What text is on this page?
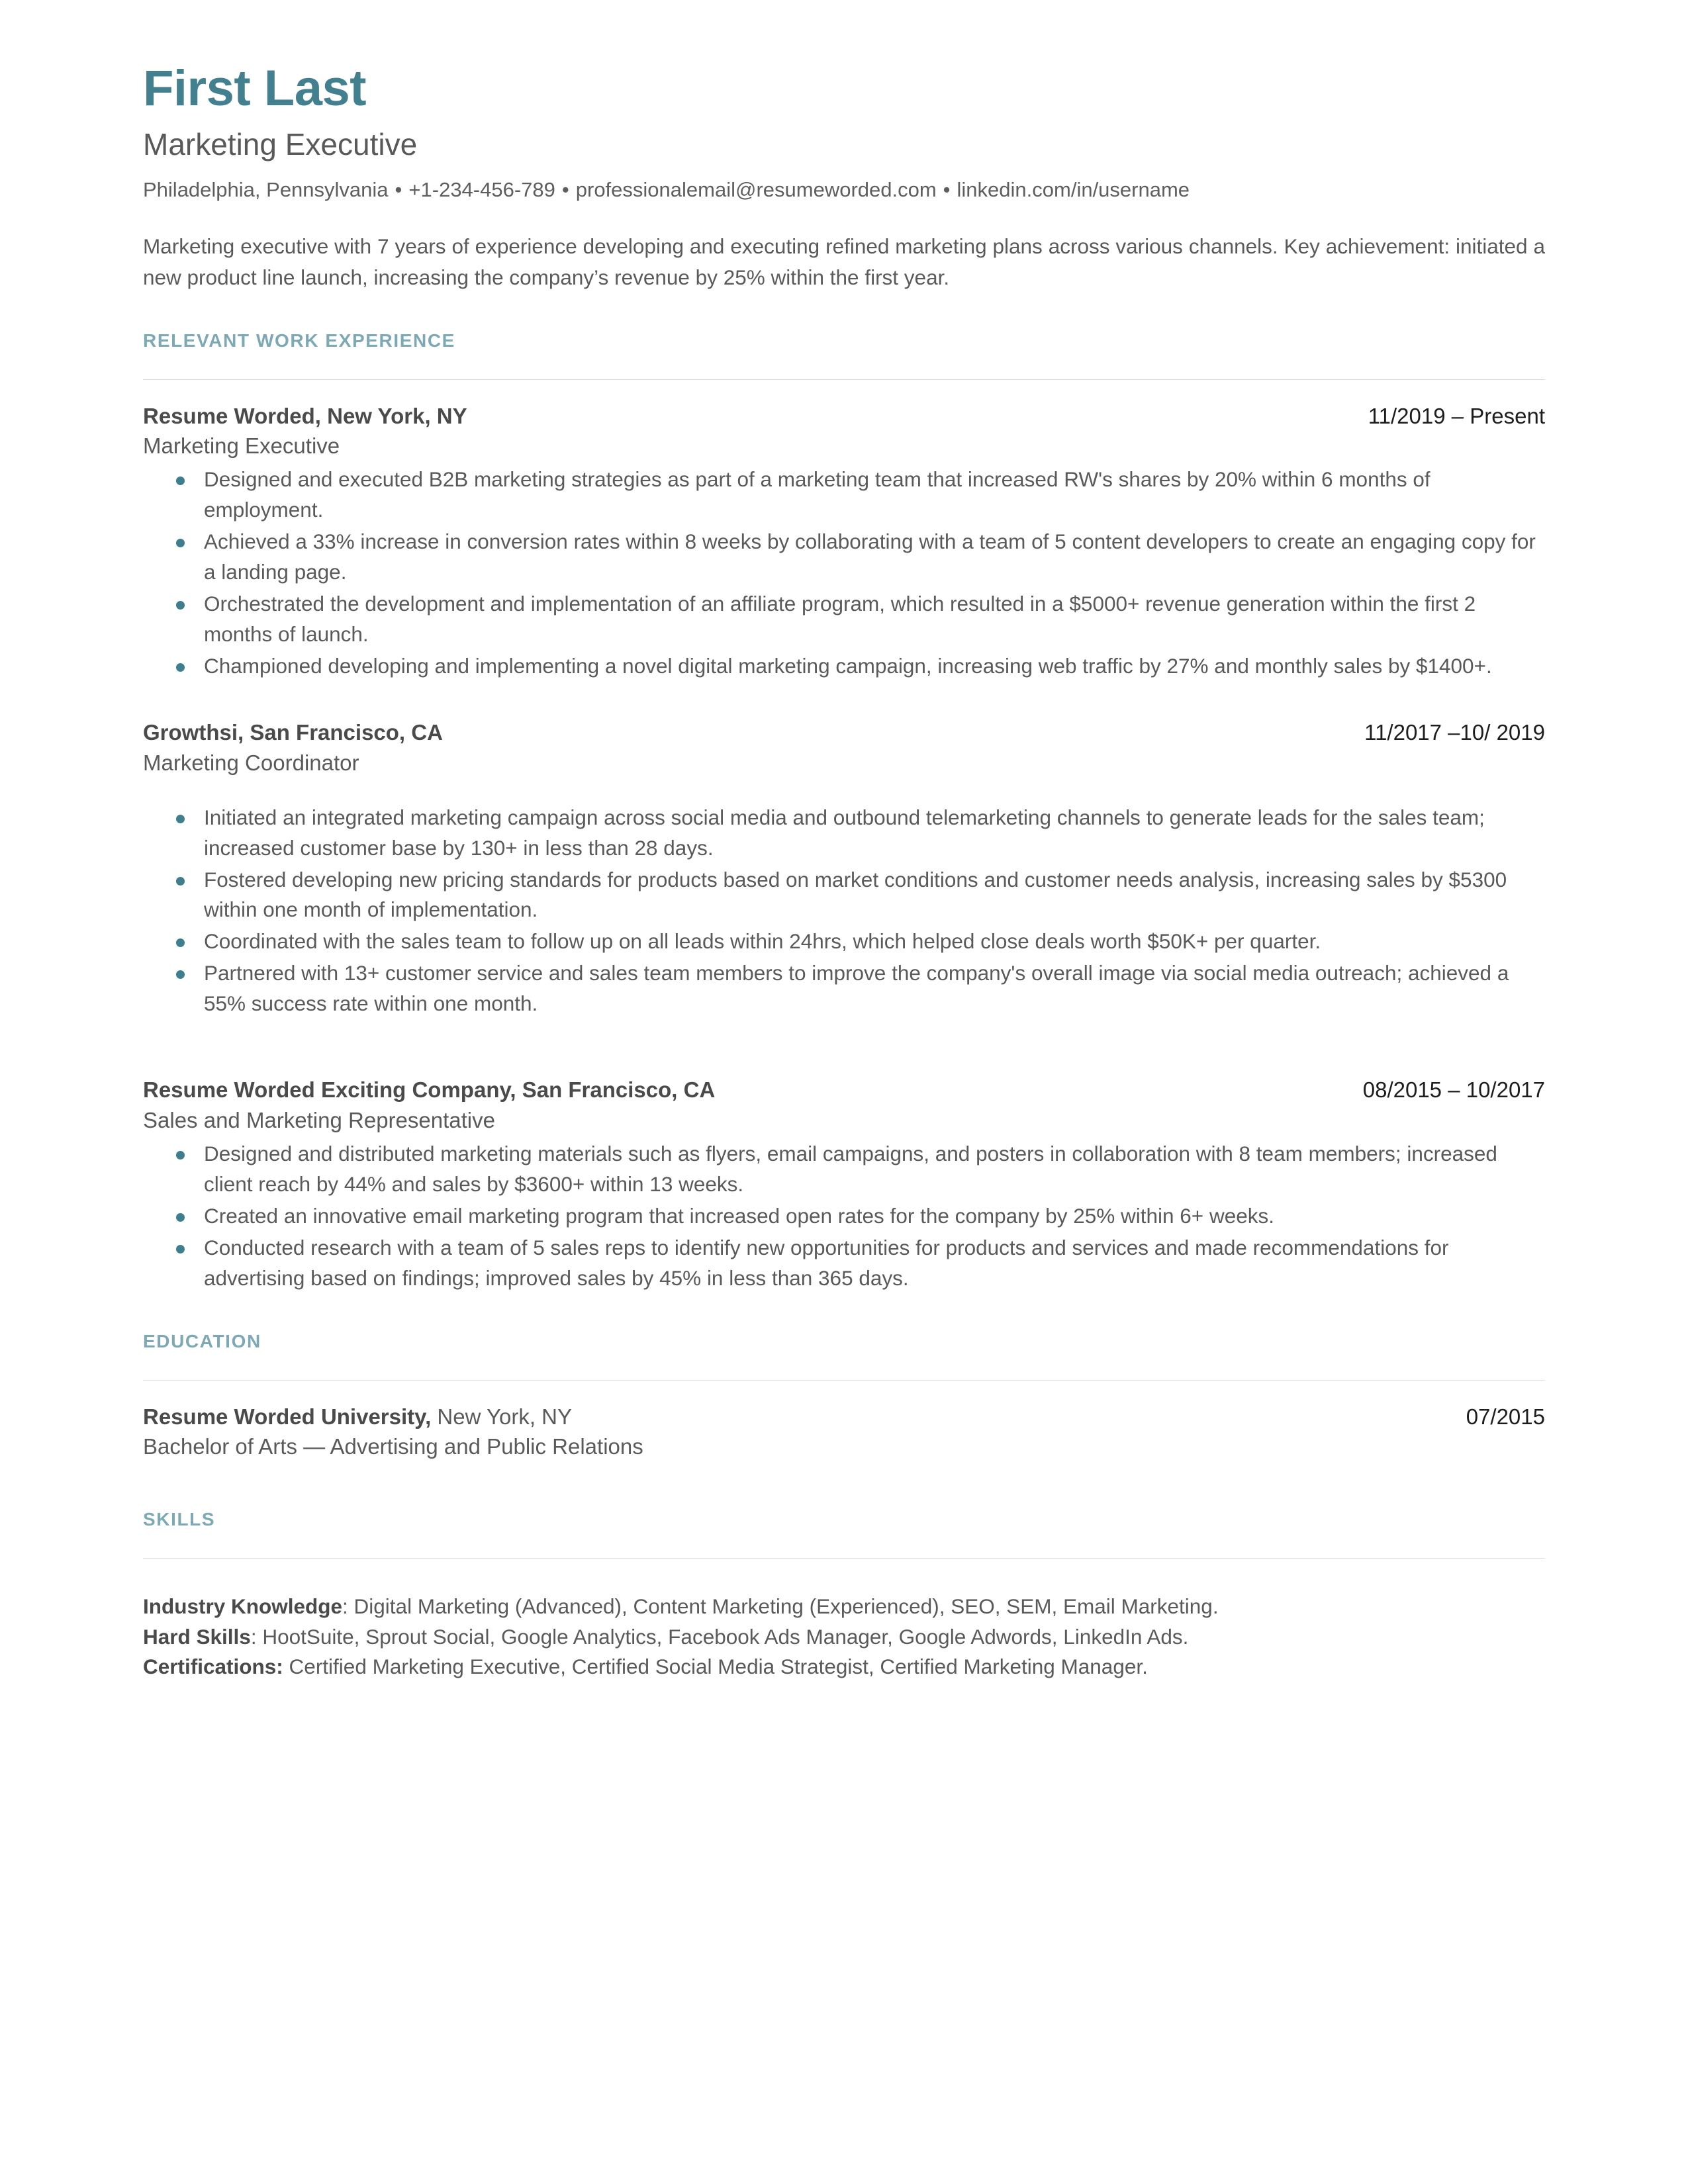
First Last
Marketing Executive
Philadelphia, Pennsylvania • +1-234-456-789 • professionalemail@resumeworded.com • linkedin.com/in/username

Marketing executive with 7 years of experience developing and executing refined marketing plans across various channels. Key achievement: initiated a new product line launch, increasing the company’s revenue by 25% within the first year.

RELEVANT WORK EXPERIENCE
Resume Worded, New York, NY	11/2019 – Present
Marketing Executive
Designed and executed B2B marketing strategies as part of a marketing team that increased RW's shares by 20% within 6 months of employment.
Achieved a 33% increase in conversion rates within 8 weeks by collaborating with a team of 5 content developers to create an engaging copy for a landing page.
Orchestrated the development and implementation of an affiliate program, which resulted in a $5000+ revenue generation within the first 2 months of launch.
Championed developing and implementing a novel digital marketing campaign, increasing web traffic by 27% and monthly sales by $1400+.
Growthsi, San Francisco, CA	11/2017 –10/ 2019
Marketing Coordinator
Initiated an integrated marketing campaign across social media and outbound telemarketing channels to generate leads for the sales team; increased customer base by 130+ in less than 28 days.
Fostered developing new pricing standards for products based on market conditions and customer needs analysis, increasing sales by $5300 within one month of implementation.
Coordinated with the sales team to follow up on all leads within 24hrs, which helped close deals worth $50K+ per quarter.
Partnered with 13+ customer service and sales team members to improve the company's overall image via social media outreach; achieved a 55% success rate within one month.
Resume Worded Exciting Company, San Francisco, CA	08/2015 – 10/2017
Sales and Marketing Representative
Designed and distributed marketing materials such as flyers, email campaigns, and posters in collaboration with 8 team members; increased client reach by 44% and sales by $3600+ within 13 weeks.
Created an innovative email marketing program that increased open rates for the company by 25% within 6+ weeks.
Conducted research with a team of 5 sales reps to identify new opportunities for products and services and made recommendations for advertising based on findings; improved sales by 45% in less than 365 days.
EDUCATION
Resume Worded University, New York, NY	07/2015
Bachelor of Arts — Advertising and Public Relations
SKILLS
Industry Knowledge: Digital Marketing (Advanced), Content Marketing (Experienced), SEO, SEM, Email Marketing.
Hard Skills: HootSuite, Sprout Social, Google Analytics, Facebook Ads Manager, Google Adwords, LinkedIn Ads.
Certifications: Certified Marketing Executive, Certified Social Media Strategist, Certified Marketing Manager.
